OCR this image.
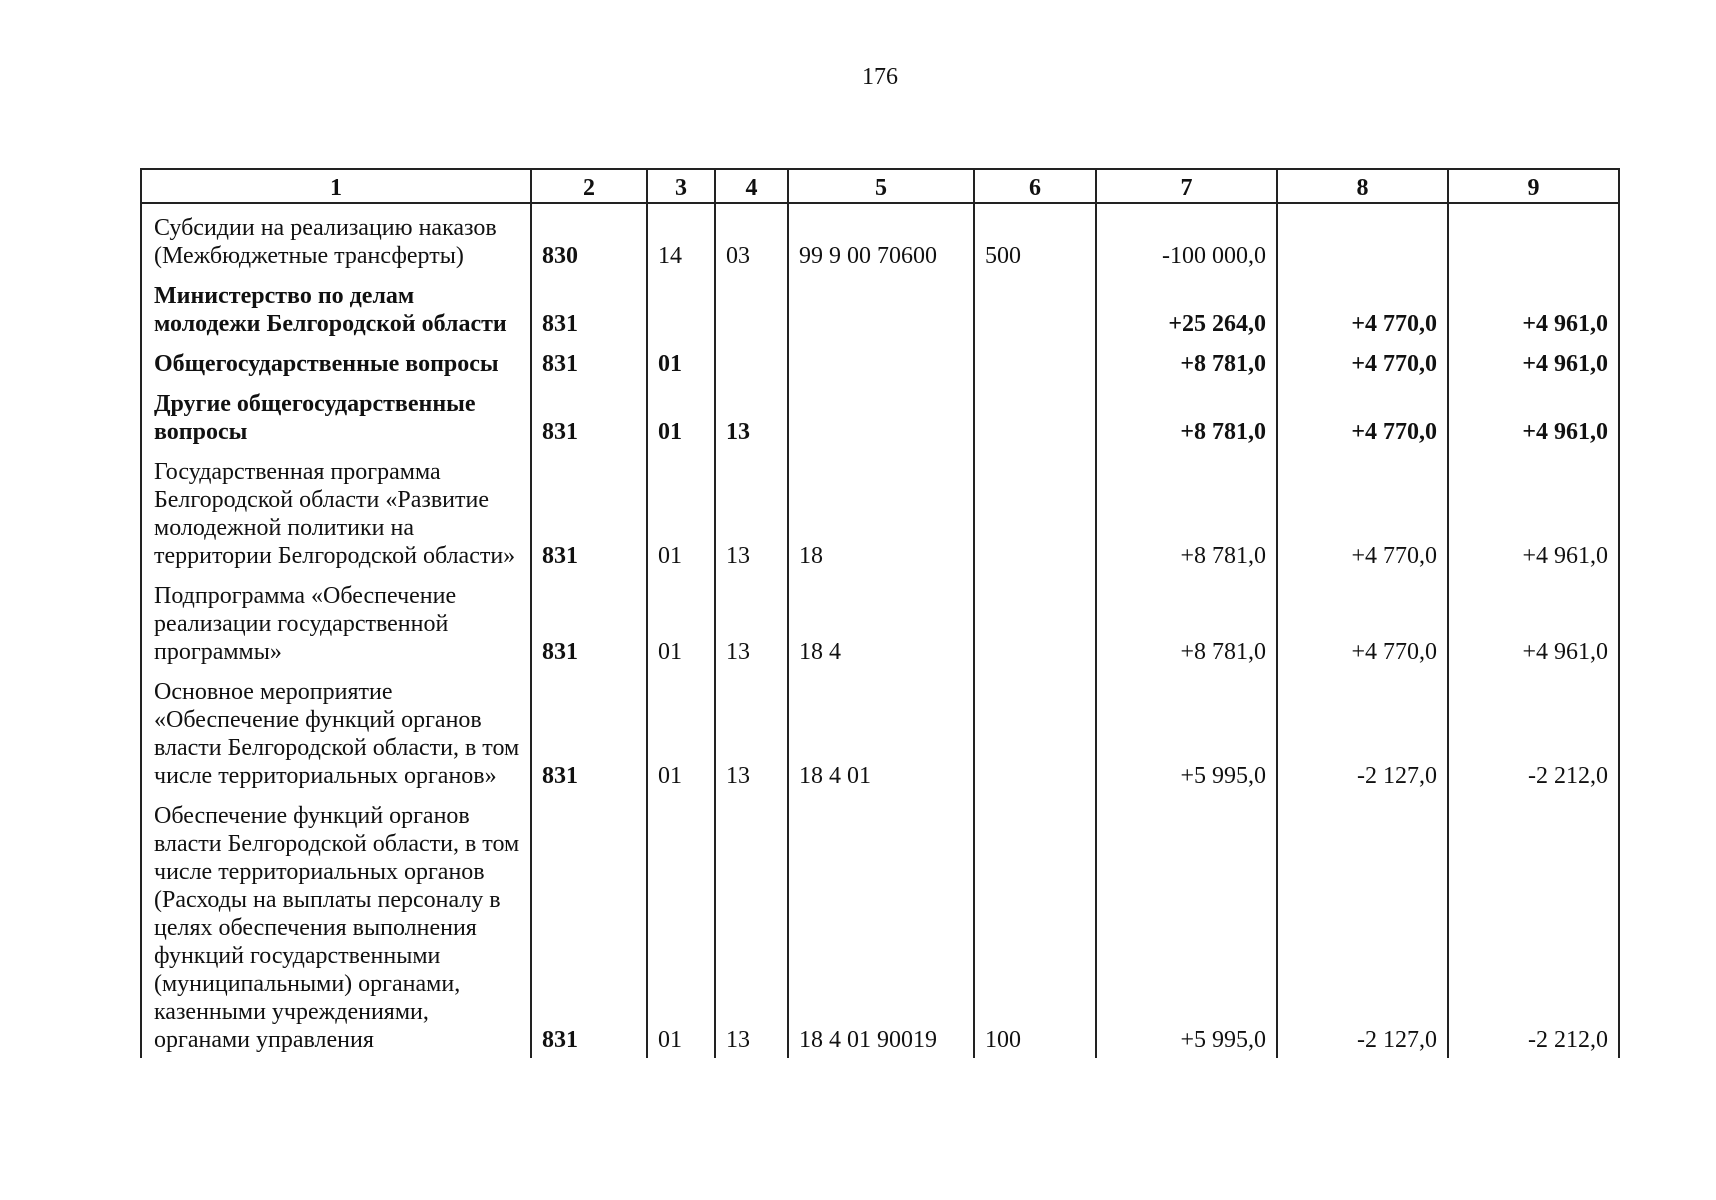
176
1	2	3	4	5	6	7	8	9
Субсидии на реализацию наказов (Межбюджетные трансферты)	830	14	03	99 9 00 70600	500	-100 000,0		
Министерство по делам молодежи Белгородской области	831					+25 264,0	+4 770,0	+4 961,0
Общегосударственные вопросы	831	01				+8 781,0	+4 770,0	+4 961,0
Другие общегосударственные вопросы	831	01	13			+8 781,0	+4 770,0	+4 961,0
Государственная программа Белгородской области «Развитие молодежной политики на территории Белгородской области»	831	01	13	18		+8 781,0	+4 770,0	+4 961,0
Подпрограмма «Обеспечение реализации государственной программы»	831	01	13	18 4		+8 781,0	+4 770,0	+4 961,0
Основное мероприятие «Обеспечение функций органов власти Белгородской области, в том числе территориальных органов»	831	01	13	18 4 01		+5 995,0	-2 127,0	-2 212,0
Обеспечение функций органов власти Белгородской области, в том числе территориальных органов (Расходы на выплаты персоналу в целях обеспечения выполнения функций государственными (муниципальными) органами, казенными учреждениями, органами управления	831	01	13	18 4 01 90019	100	+5 995,0	-2 127,0	-2 212,0
